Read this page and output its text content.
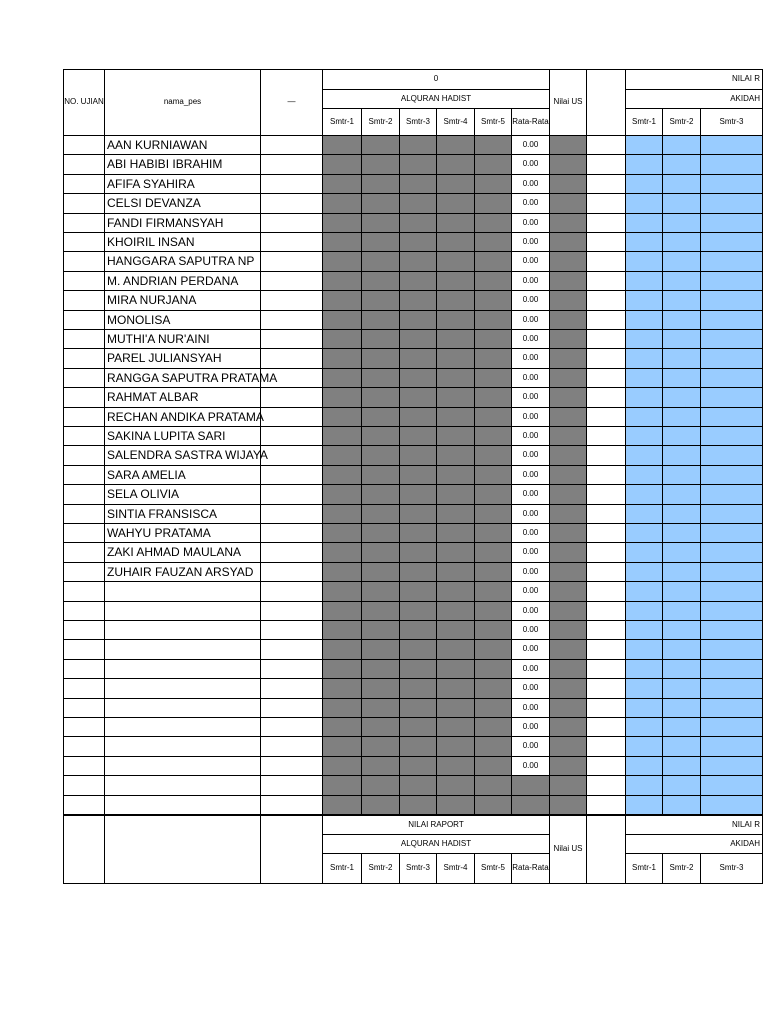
NO. UJIAN	nama_pes	—
0
ALQURAN HADIST	Nilai US
NILAI R
AKIDAH
Smtr-1 Smtr-2 Smtr-3 Smtr-4 Smtr-5 Rata-Rata	Smtr-1 Smtr-2	Smtr-3
AAN KURNIAWAN	0.00
ABI HABIBI IBRAHIM	0.00
AFIFA SYAHIRA	0.00
CELSI DEVANZA	0.00
FANDI FIRMANSYAH	0.00
KHOIRIL INSAN	0.00
HANGGARA SAPUTRA NP	0.00
M. ANDRIAN PERDANA	0.00
MIRA NURJANA	0.00
MONOLISA	0.00
MUTHI'A NUR'AINI	0.00
PAREL JULIANSYAH	0.00
RANGGA SAPUTRA PRATAMA	0.00
RAHMAT ALBAR	0.00
RECHAN ANDIKA PRATAMA	0.00
SAKINA LUPITA SARI	0.00
SALENDRA SASTRA WIJAYA	0.00
SARA AMELIA	0.00
SELA OLIVIA	0.00
SINTIA FRANSISCA	0.00
WAHYU PRATAMA	0.00
ZAKI AHMAD MAULANA	0.00
ZUHAIR FAUZAN ARSYAD	0.00
0.00
0.00
0.00
0.00
0.00
0.00
0.00
0.00
0.00
0.00
NILAI RAPORT
ALQURAN HADIST
Nilai US
NILAI R
AKIDAH
Smtr-1 Smtr-2 Smtr-3 Smtr-4 Smtr-5 Rata-Rata	Smtr-1 Smtr-2	Smtr-3
